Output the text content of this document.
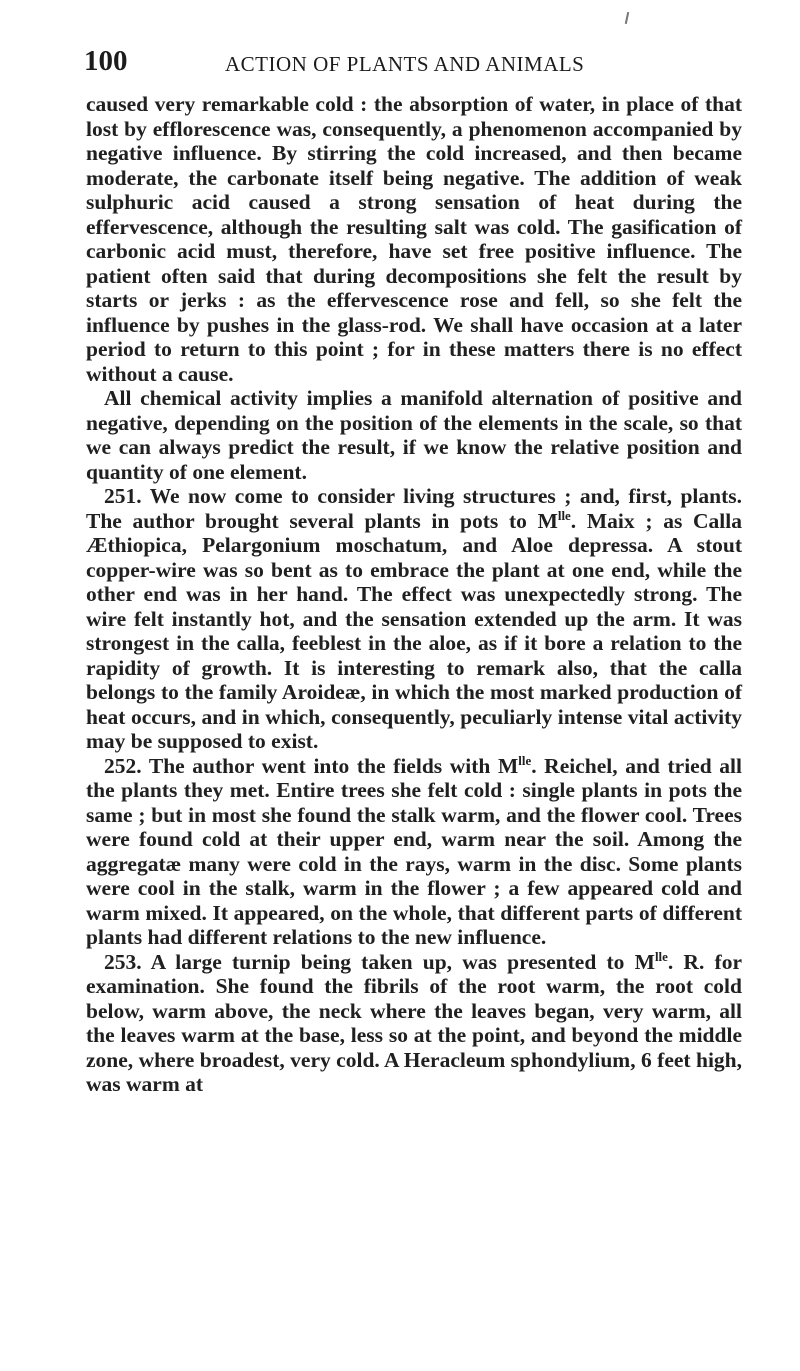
100	ACTION OF PLANTS AND ANIMALS

caused very remarkable cold : the absorption of water, in place of that lost by efflorescence was, consequently, a phenomenon accompanied by negative influence. By stirring the cold increased, and then became moderate, the carbonate itself being negative. The addition of weak sulphuric acid caused a strong sensation of heat during the effervescence, although the resulting salt was cold. The gasification of carbonic acid must, therefore, have set free positive influence. The patient often said that during decompositions she felt the result by starts or jerks : as the effervescence rose and fell, so she felt the influence by pushes in the glass-rod. We shall have occasion at a later period to return to this point ; for in these matters there is no effect without a cause.

All chemical activity implies a manifold alternation of positive and negative, depending on the position of the elements in the scale, so that we can always predict the result, if we know the relative position and quantity of one element.

251. We now come to consider living structures ; and, first, plants. The author brought several plants in pots to $M^{lle}$. Maix ; as Calla Æthiopica, Pelargonium moschatum, and Aloe depressa. A stout copper-wire was so bent as to embrace the plant at one end, while the other end was in her hand. The effect was unexpectedly strong. The wire felt instantly hot, and the sensation extended up the arm. It was strongest in the calla, feeblest in the aloe, as if it bore a relation to the rapidity of growth. It is interesting to remark also, that the calla belongs to the family Aroideæ, in which the most marked production of heat occurs, and in which, consequently, peculiarly intense vital activity may be supposed to exist.

252. The author went into the fields with $M^{lle}$. Reichel, and tried all the plants they met. Entire trees she felt cold : single plants in pots the same ; but in most she found the stalk warm, and the flower cool. Trees were found cold at their upper end, warm near the soil. Among the aggregatæ many were cold in the rays, warm in the disc. Some plants were cool in the stalk, warm in the flower ; a few appeared cold and warm mixed. It appeared, on the whole, that different parts of different plants had different relations to the new influence.

253. A large turnip being taken up, was presented to $M^{lle}$. R. for examination. She found the fibrils of the root warm, the root cold below, warm above, the neck where the leaves began, very warm, all the leaves warm at the base, less so at the point, and beyond the middle zone, where broadest, very cold. A Heracleum sphondylium, 6 feet high, was warm at
